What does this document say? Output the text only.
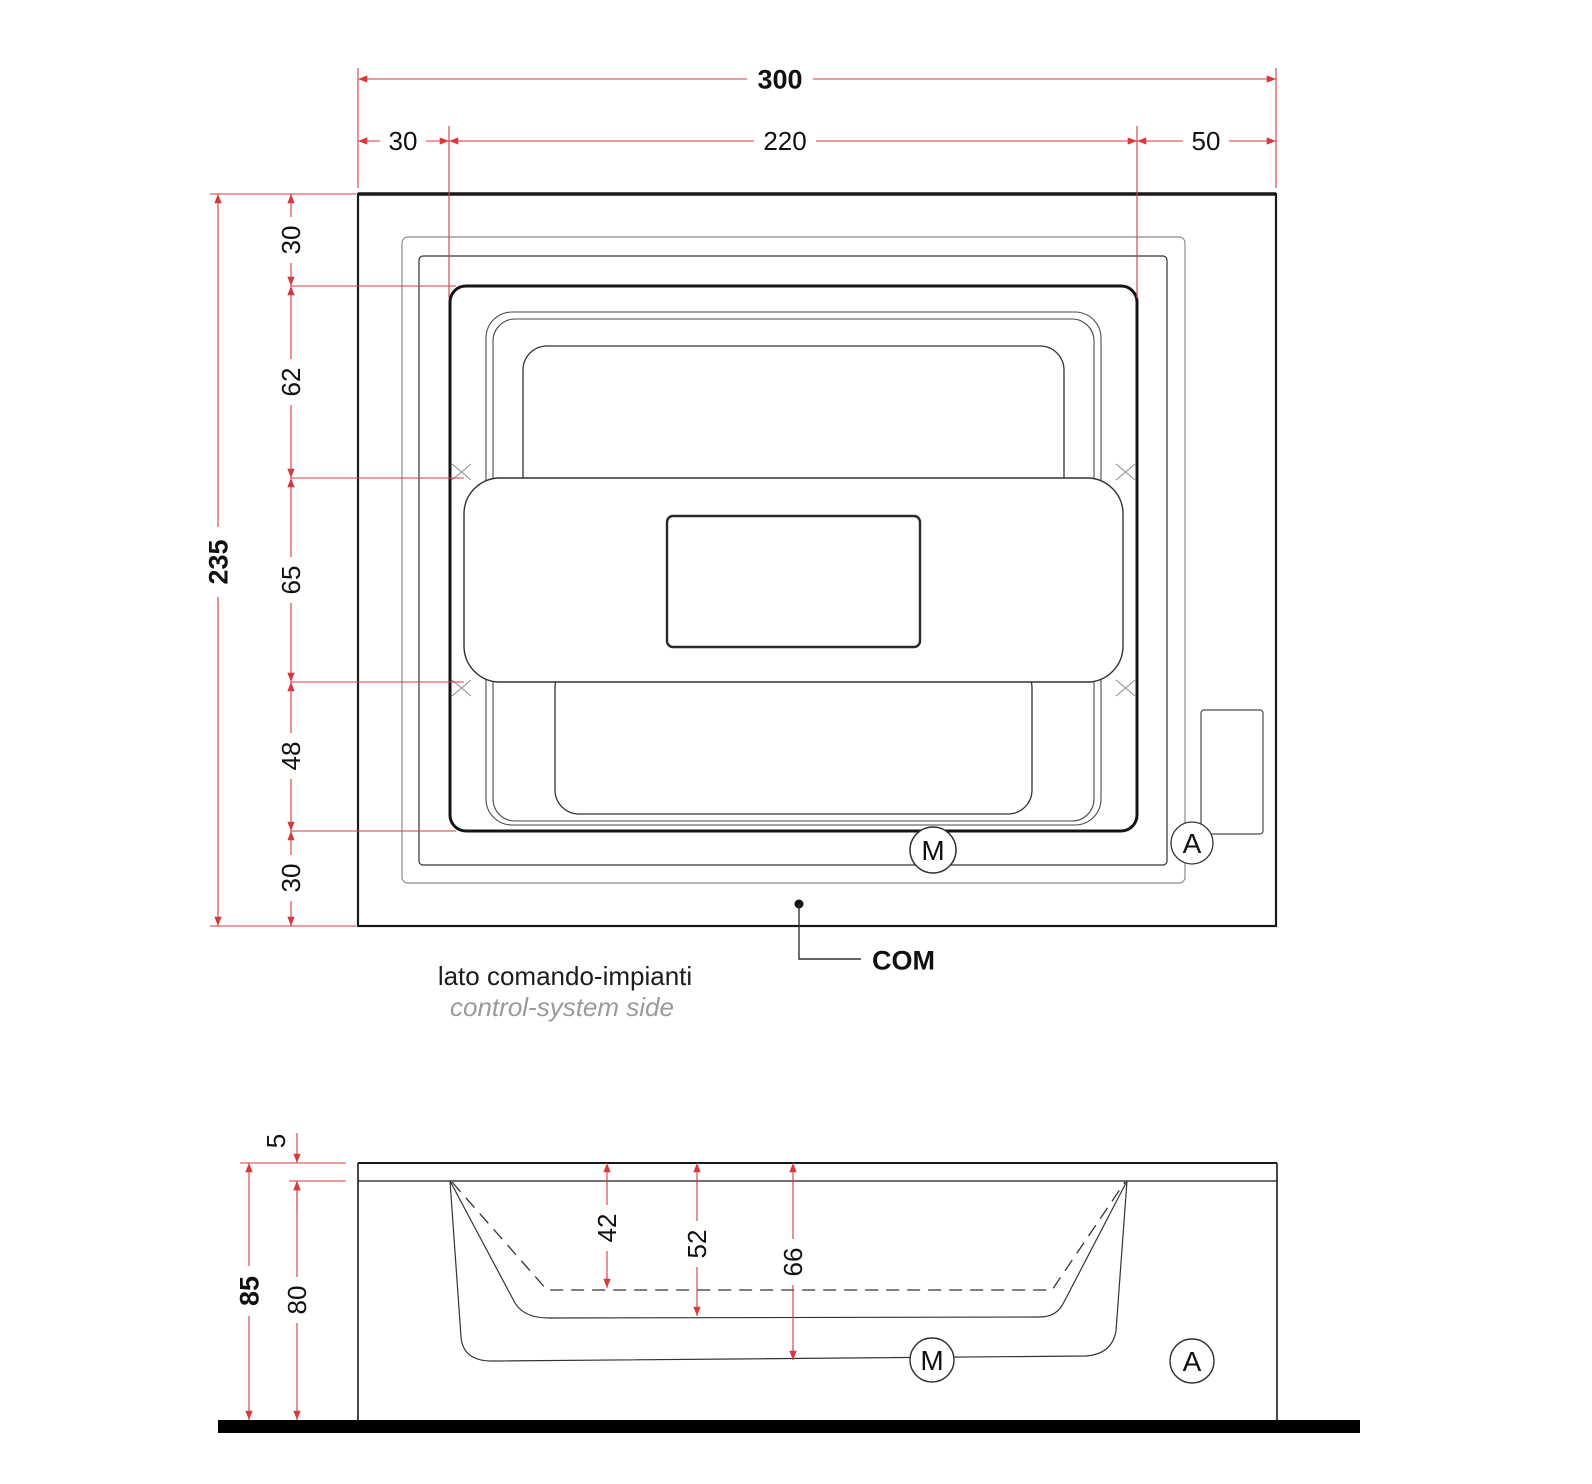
300
30	220	50
235
30
62
65
48
30
M	A
COM
lato comando-impianti
control-system side
5
85 80
42
52
66
M	A
